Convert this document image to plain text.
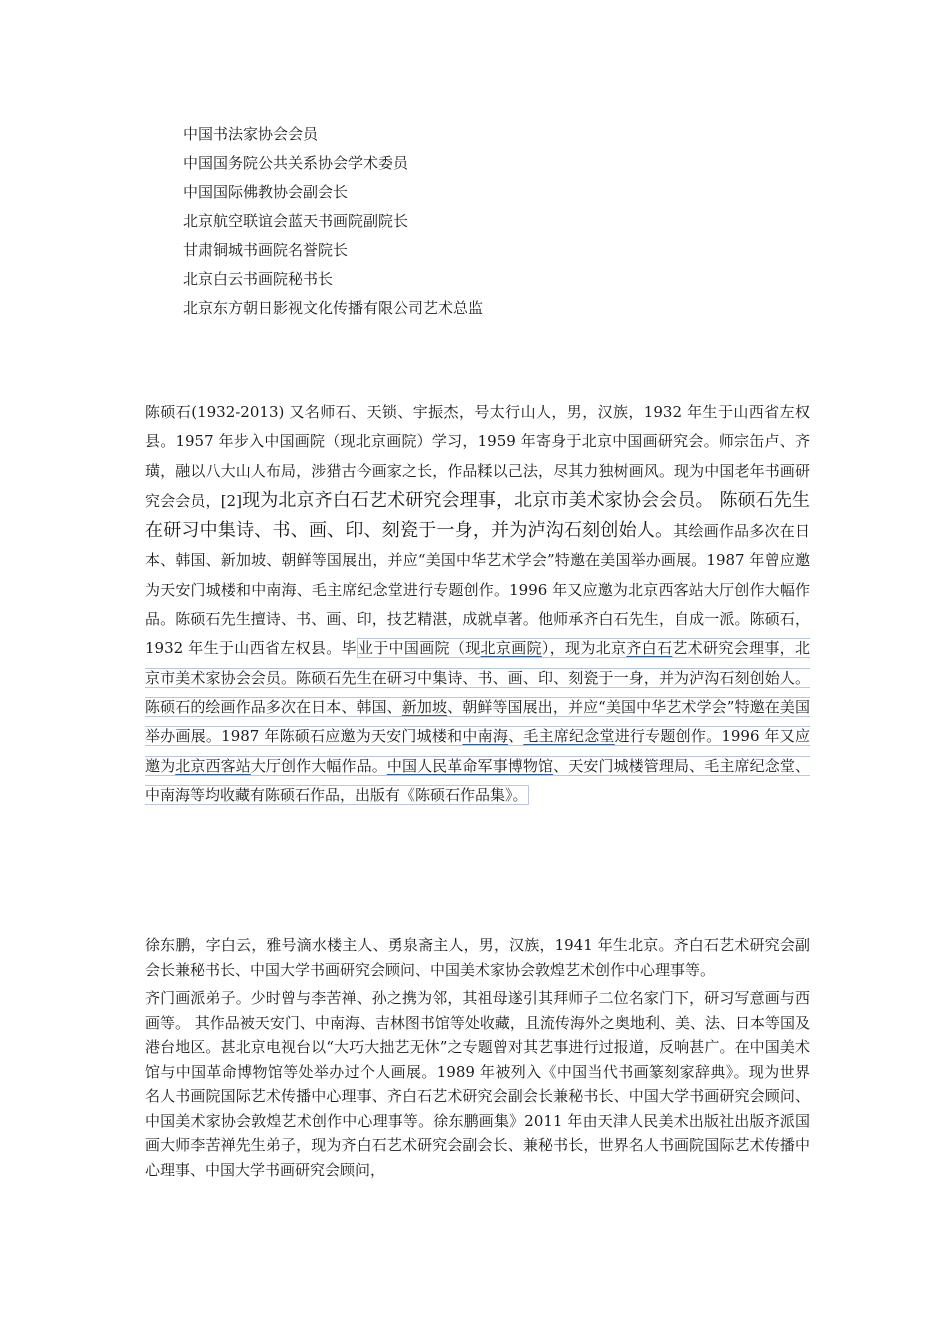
中国书法家协会会员
中国国务院公共关系协会学术委员
中国国际佛教协会副会长
北京航空联谊会蓝天书画院副院长
甘肃铜城书画院名誉院长
北京白云书画院秘书长
北京东方朝日影视文化传播有限公司艺术总监
陈硕石(1932-2013) 又名师石、天锁、宇振杰，号太行山人，男，汉族，1932 年生于山西省左权县。1957 年步入中国画院（现北京画院）学习，1959 年寄身于北京中国画研究会。师宗缶卢、齐璜，融以八大山人布局，涉猎古今画家之长，作品糅以己法，尽其力独树画风。现为中国老年书画研究会会员，[2]现为北京齐白石艺术研究会理事，北京市美术家协会会员。 陈硕石先生在研习中集诗、书、画、印、刻瓷于一身，并为泸沟石刻创始人。其绘画作品多次在日本、韩国、新加坡、朝鲜等国展出，并应“美国中华艺术学会”特邀在美国举办画展。1987 年曾应邀为天安门城楼和中南海、毛主席纪念堂进行专题创作。1996 年又应邀为北京西客站大厅创作大幅作品。陈硕石先生擅诗、书、画、印，技艺精湛，成就卓著。他师承齐白石先生，自成一派。陈硕石，1932 年生于山西省左权县。毕业于中国画院（现北京画院），现为北京齐白石艺术研究会理事，北京市美术家协会会员。陈硕石先生在研习中集诗、书、画、印、刻瓷于一身，并为泸沟石刻创始人。陈硕石的绘画作品多次在日本、韩国、新加坡、朝鲜等国展出，并应“美国中华艺术学会”特邀在美国举办画展。1987 年陈硕石应邀为天安门城楼和中南海、毛主席纪念堂进行专题创作。1996 年又应邀为北京西客站大厅创作大幅作品。中国人民革命军事博物馆、天安门城楼管理局、毛主席纪念堂、中南海等均收藏有陈硕石作品，出版有《陈硕石作品集》。
徐东鹏，字白云，雅号滴水楼主人、勇泉斋主人，男，汉族，1941 年生北京。齐白石艺术研究会副会长兼秘书长、中国大学书画研究会顾问、中国美术家协会敦煌艺术创作中心理事等。
齐门画派弟子。少时曾与李苦禅、孙之携为邻，其祖母遂引其拜师子二位名家门下，研习写意画与西画等。 其作品被天安门、中南海、吉林图书馆等处收藏，且流传海外之奥地利、美、法、日本等国及港台地区。甚北京电视台以“大巧大拙艺无休”之专题曾对其艺事进行过报道，反响甚广。在中国美术馆与中国革命博物馆等处举办过个人画展。1989 年被列入《中国当代书画篆刻家辞典》。现为世界名人书画院国际艺术传播中心理事、齐白石艺术研究会副会长兼秘书长、中国大学书画研究会顾问、中国美术家协会敦煌艺术创作中心理事等。徐东鹏画集》2011 年由天津人民美术出版社出版齐派国画大师李苦禅先生弟子，现为齐白石艺术研究会副会长、兼秘书长，世界名人书画院国际艺术传播中心理事、中国大学书画研究会顾问，
